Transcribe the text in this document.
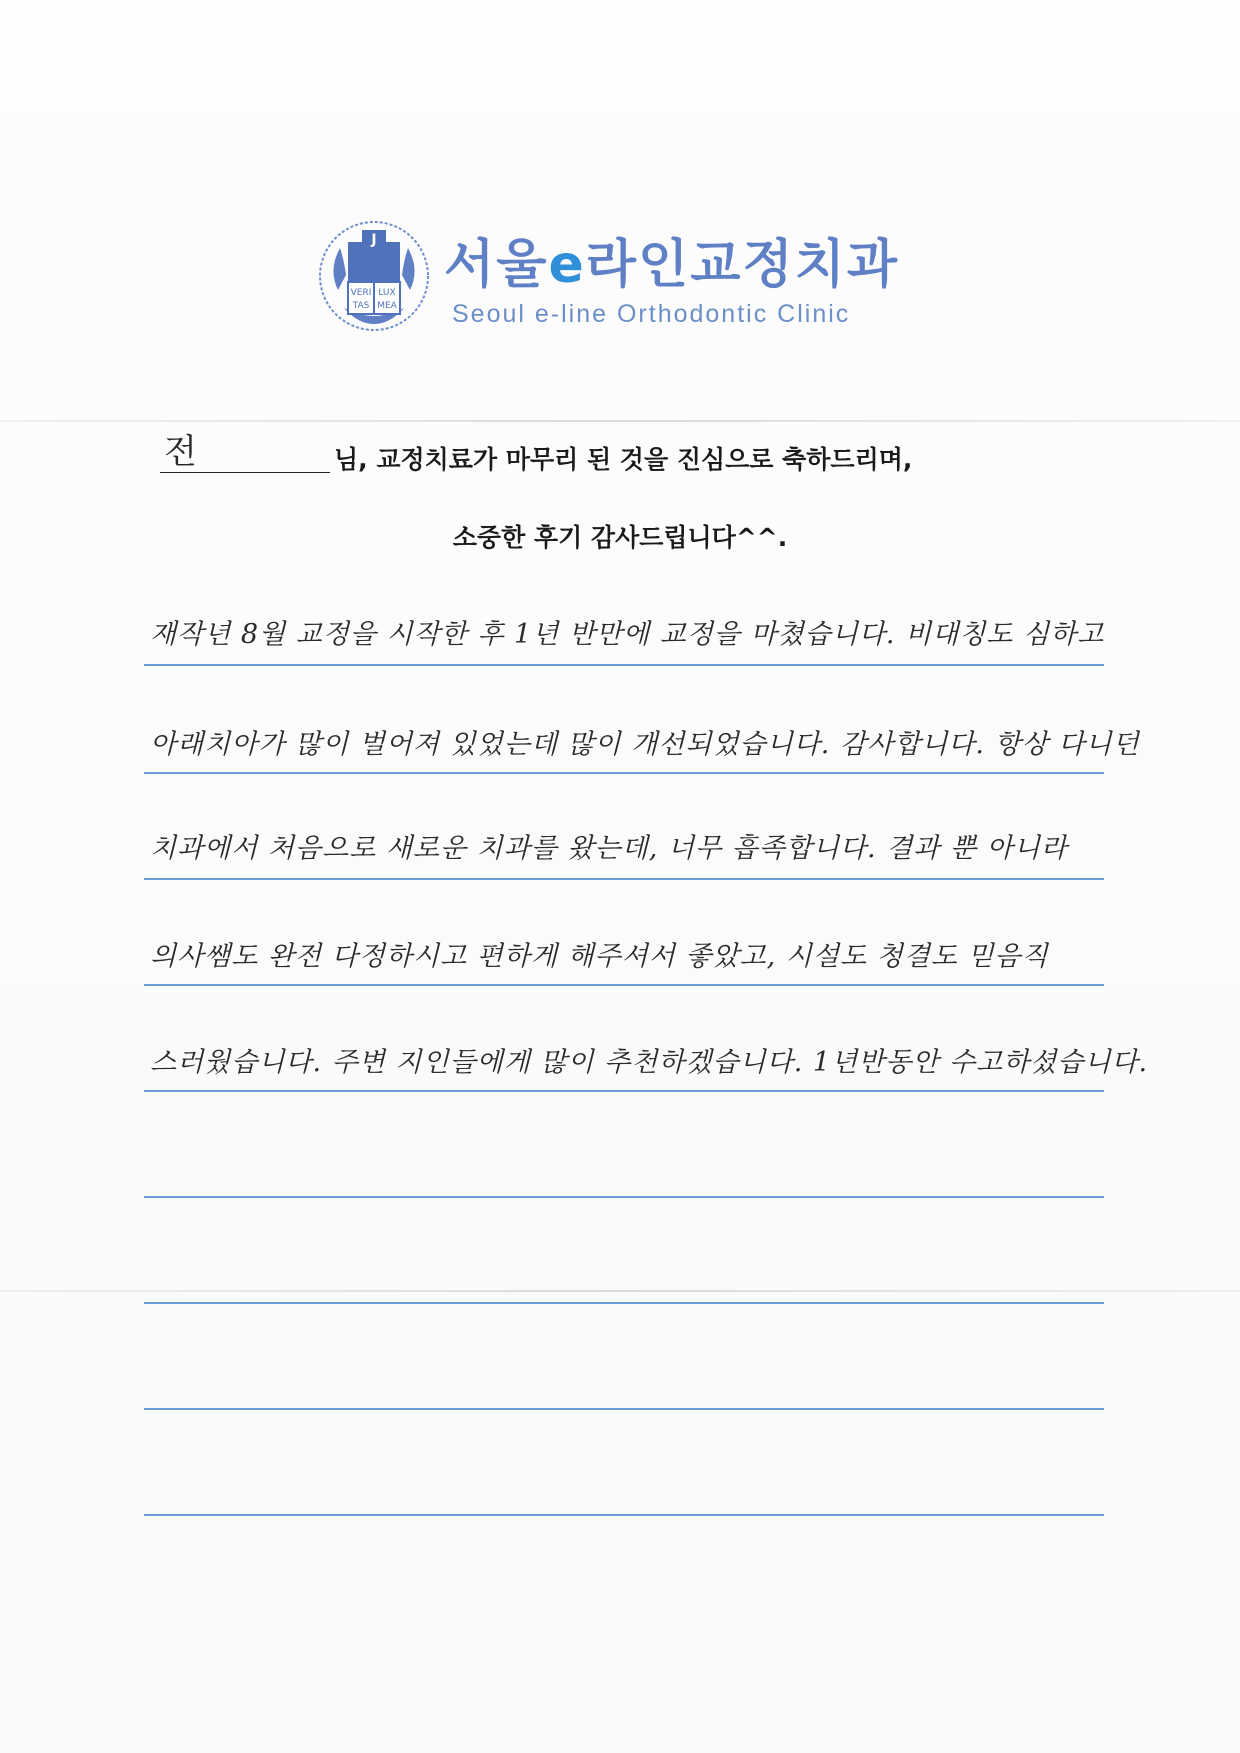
J
VERI LUX
TAS MEA
서울e라인교정치과
Seoul e-line Orthodontic Clinic
전	님, 교정치료가 마무리 된 것을 진심으로 축하드리며,
소중한 후기 감사드립니다^^.
재작년 8월 교정을 시작한 후 1년 반만에 교정을 마쳤습니다. 비대칭도 심하고
아래치아가 많이 벌어져 있었는데 많이 개선되었습니다. 감사합니다. 항상 다니던
치과에서 처음으로 새로운 치과를 왔는데, 너무 흡족합니다. 결과 뿐 아니라
의사쌤도 완전 다정하시고 편하게 해주셔서 좋았고, 시설도 청결도 믿음직
스러웠습니다. 주변 지인들에게 많이 추천하겠습니다. 1년반동안 수고하셨습니다.
